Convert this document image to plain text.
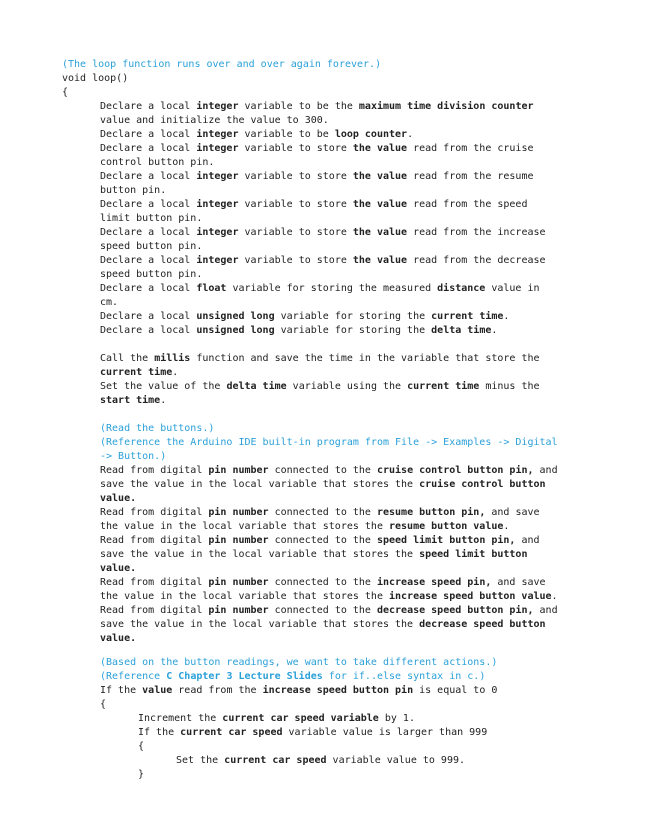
(The loop function runs over and over again forever.)
void loop()
{
Declare a local integer variable to be the maximum time division counter
value and initialize the value to 300.
Declare a local integer variable to be loop counter.
Declare a local integer variable to store the value read from the cruise
control button pin.
Declare a local integer variable to store the value read from the resume
button pin.
Declare a local integer variable to store the value read from the speed
limit button pin.
Declare a local integer variable to store the value read from the increase
speed button pin.
Declare a local integer variable to store the value read from the decrease
speed button pin.
Declare a local float variable for storing the measured distance value in
cm.
Declare a local unsigned long variable for storing the current time.
Declare a local unsigned long variable for storing the delta time.
Call the millis function and save the time in the variable that store the
current time.
Set the value of the delta time variable using the current time minus the
start time.
(Read the buttons.)
(Reference the Arduino IDE built-in program from File -> Examples -> Digital
-> Button.)
Read from digital pin number connected to the cruise control button pin, and
save the value in the local variable that stores the cruise control button
value.
Read from digital pin number connected to the resume button pin, and save
the value in the local variable that stores the resume button value.
Read from digital pin number connected to the speed limit button pin, and
save the value in the local variable that stores the speed limit button
value.
Read from digital pin number connected to the increase speed pin, and save
the value in the local variable that stores the increase speed button value.
Read from digital pin number connected to the decrease speed button pin, and
save the value in the local variable that stores the decrease speed button
value.
(Based on the button readings, we want to take different actions.)
(Reference C Chapter 3 Lecture Slides for if..else syntax in c.)
If the value read from the increase speed button pin is equal to 0
{
Increment the current car speed variable by 1.
If the current car speed variable value is larger than 999
{
Set the current car speed variable value to 999.
}
